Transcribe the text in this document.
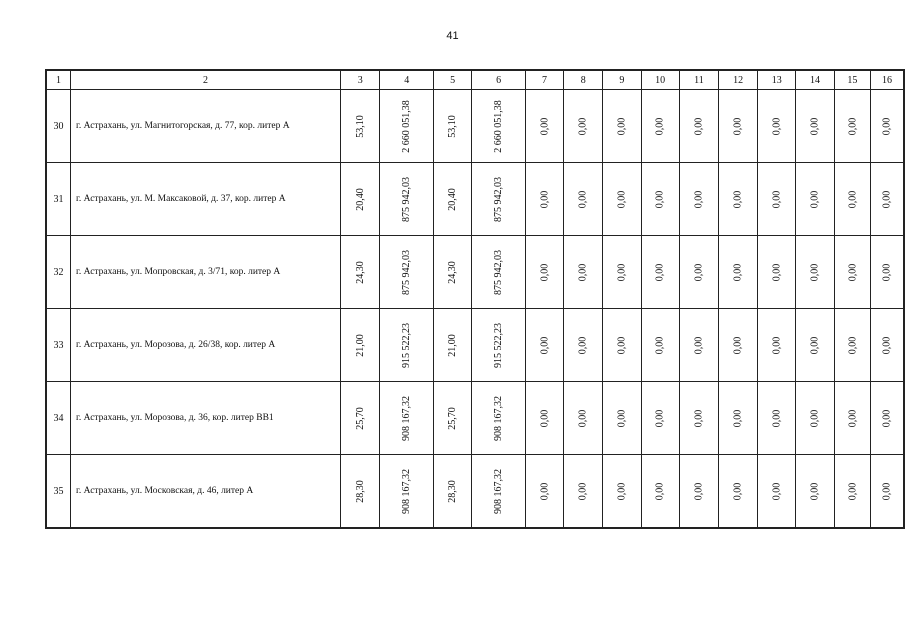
41
1	2	3	4	5	6	7	8	9	10	11	12	13	14	15	16
30	г. Астрахань, ул. Магнитогорская, д. 77, кор. литер А	53,10	2 660 051,38	53,10	2 660 051,38	0,00	0,00	0,00	0,00	0,00	0,00	0,00	0,00	0,00	0,00
31	г. Астрахань, ул. М. Максаковой, д. 37, кор. литер А	20,40	875 942,03	20,40	875 942,03	0,00	0,00	0,00	0,00	0,00	0,00	0,00	0,00	0,00	0,00
32	г. Астрахань, ул. Мопровская, д. 3/71, кор. литер А	24,30	875 942,03	24,30	875 942,03	0,00	0,00	0,00	0,00	0,00	0,00	0,00	0,00	0,00	0,00
33	г. Астрахань, ул. Морозова, д. 26/38, кор. литер А	21,00	915 522,23	21,00	915 522,23	0,00	0,00	0,00	0,00	0,00	0,00	0,00	0,00	0,00	0,00
34	г. Астрахань, ул. Морозова, д. 36, кор. литер ВВ1	25,70	908 167,32	25,70	908 167,32	0,00	0,00	0,00	0,00	0,00	0,00	0,00	0,00	0,00	0,00
35	г. Астрахань, ул. Московская, д. 46, литер А	28,30	908 167,32	28,30	908 167,32	0,00	0,00	0,00	0,00	0,00	0,00	0,00	0,00	0,00	0,00
